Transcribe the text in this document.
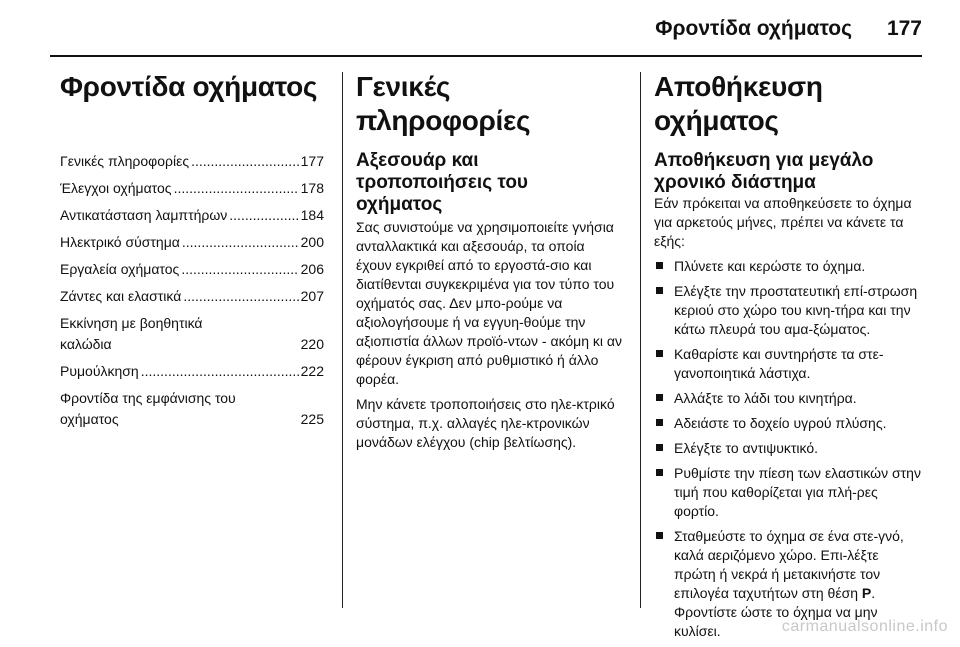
Φροντίδα οχήματος 177
Φροντίδα οχήματος
Γενικές πληροφορίες .....	177
Έλεγχοι οχήματος .....	178
Αντικατάσταση λαμπτήρων .....	184
Ηλεκτρικό σύστημα .....	200
Εργαλεία οχήματος .....	206
Ζάντες και ελαστικά .....	207
Εκκίνηση με βοηθητικά
καλώδια	220
Ρυμούλκηση .....	222
Φροντίδα της εμφάνισης του
οχήματος	225
Γενικές πληροφορίες
Αξεσουάρ και
τροποποιήσεις του
οχήματος

Σας συνιστούμε να χρησιμοποιείτε γνήσια ανταλλακτικά και αξεσουάρ, τα οποία έχουν εγκριθεί από το εργοστά-σιο και διατίθενται συγκεκριμένα για τον τύπο του οχήματός σας. Δεν μπο-ρούμε να αξιολογήσουμε ή να εγγυη-θούμε την αξιοπιστία άλλων προϊό-ντων - ακόμη κι αν φέρουν έγκριση από ρυθμιστικό ή άλλο φορέα.

Μην κάνετε τροποποιήσεις στο ηλε-κτρικό σύστημα, π.χ. αλλαγές ηλε-κτρονικών μονάδων ελέγχου (chip βελτίωσης).

Αποθήκευση οχήματος
Αποθήκευση για μεγάλο
χρονικό διάστημα

Εάν πρόκειται να αποθηκεύσετε το όχημα για αρκετούς μήνες, πρέπει να κάνετε τα εξής:

Πλύνετε και κερώστε το όχημα.
Ελέγξτε την προστατευτική επί-στρωση κεριού στο χώρο του κινη-τήρα και την κάτω πλευρά του αμα-ξώματος.
Καθαρίστε και συντηρήστε τα στε-γανοποιητικά λάστιχα.
Αλλάξτε το λάδι του κινητήρα.
Αδειάστε το δοχείο υγρού πλύσης.
Ελέγξτε το αντιψυκτικό.
Ρυθμίστε την πίεση των ελαστικών στην τιμή που καθορίζεται για πλή-ρες φορτίο.
Σταθμεύστε το όχημα σε ένα στε-γνό, καλά αεριζόμενο χώρο. Επι-λέξτε πρώτη ή νεκρά ή μετακινήστε τον επιλογέα ταχυτήτων στη θέση P. Φροντίστε ώστε το όχημα να μην κυλίσει.	carmanualsonline.info
